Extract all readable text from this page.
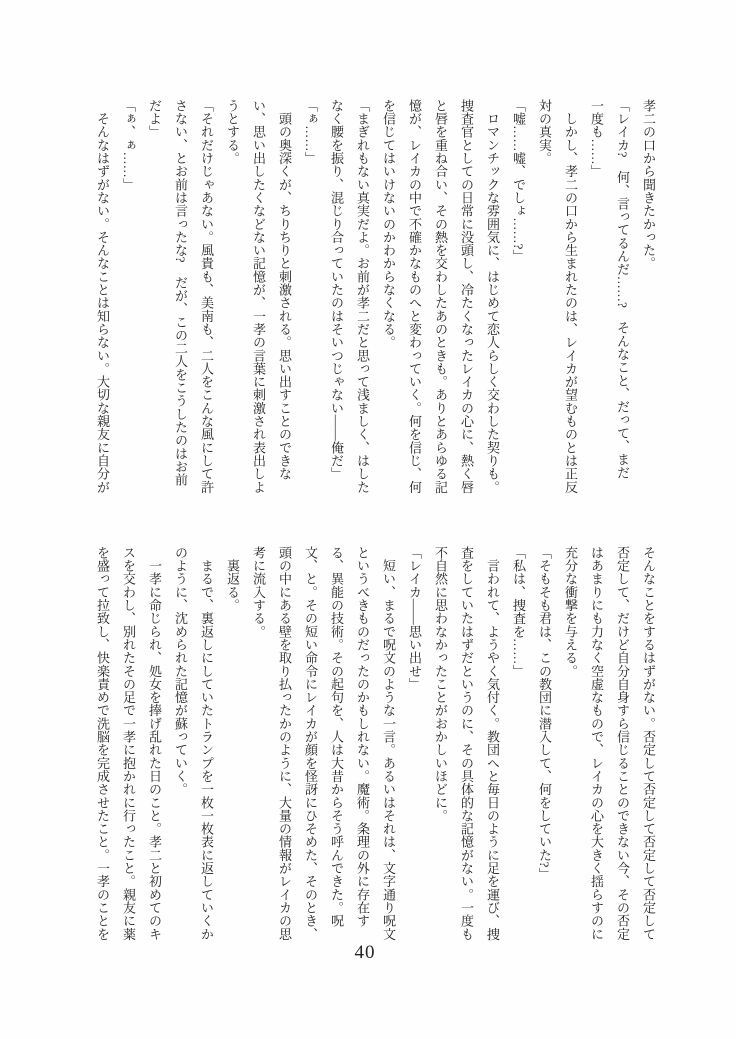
孝二の口から聞きたかった。
「レイカ?　何、言ってるんだ……?　そんなこと、だって、まだ
一度も……」
　しかし、孝二の口から生まれたのは、レイカが望むものとは正反
対の真実。
「嘘……嘘、でしょ……?」
　ロマンチックな雰囲気に、はじめて恋人らしく交わした契りも。
捜査官としての日常に没頭し、冷たくなったレイカの心に、熱く唇
と唇を重ね合い、その熱を交わしたあのときも。ありとあらゆる記
憶が、レイカの中で不確かなものへと変わっていく。何を信じ、何
を信じてはいけないのかわからなくなる。
「まぎれもない真実だよ。お前が孝二だと思って浅ましく、はした
なく腰を振り、混じり合っていたのはそいつじゃない――俺だ」
「ぁ……」
　頭の奥深くが、ちりちりと刺激される。思い出すことのできな
い、思い出したくなどない記憶が、一孝の言葉に刺激され表出しよ
うとする。
「それだけじゃあない。風貴も、美南も、二人をこんな風にして許
さない、とお前は言ったな?　だが、この二人をこうしたのはお前
だよ」
「ぁ、ぁ……」
　そんなはずがない。そんなことは知らない。大切な親友に自分が
そんなことをするはずがない。否定して否定して否定して否定して
否定して、だけど自分自身すら信じることのできない今、その否定
はあまりにも力なく空虚なもので、レイカの心を大きく揺らすのに
充分な衝撃を与える。
「そもそも君は、この教団に潜入して、何をしていた?」
「私は、捜査を……」
　言われて、ようやく気付く。教団へと毎日のように足を運び、捜
査をしていたはずだというのに、その具体的な記憶がない。一度も
不自然に思わなかったことがおかしいほどに。
「レイカ――思い出せ」
　短い、まるで呪文のような一言。あるいはそれは、文字通り呪文
というべきものだったのかもしれない。魔術。条理の外に存在す
る、異能の技術。その起句を、人は大昔からそう呼んできた。呪
文、と。その短い命令にレイカが顔を怪訝にひそめた、そのとき、
頭の中にある壁を取り払ったかのように、大量の情報がレイカの思
考に流入する。
　裏返る。
　まるで、裏返しにしていたトランプを一枚一枚表に返していくか
のように、沈められた記憶が蘇っていく。
　一孝に命じられ、処女を捧げ乱れた日のこと。孝二と初めてのキ
スを交わし、別れたその足で一孝に抱かれに行ったこと。親友に薬
を盛って拉致し、快楽責めで洗脳を完成させたこと。一孝のことを
40
